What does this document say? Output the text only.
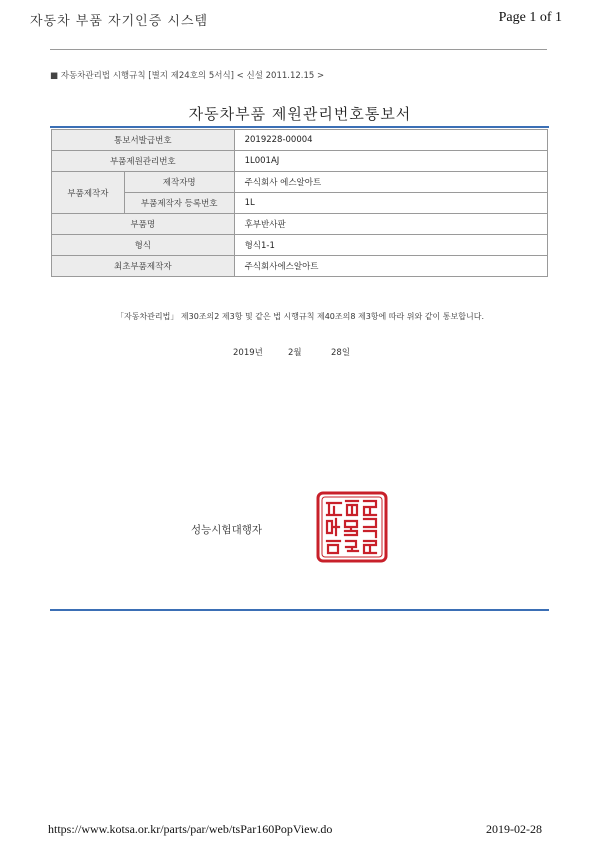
자동차 부품 자기인증 시스템	Page 1 of 1
■ 자동차관리법 시행규칙 [별지 제24호의 5서식] < 신설 2011.12.15 >
자동차부품 제원관리번호통보서
통보서발급번호		2019228-00004
부품제원관리번호		1L001AJ
부품제작자	제작자명	주식회사 에스알아트
	부품제작자 등록번호	1L
부품명		후부반사판
형식		형식1-1
최초부품제작자		주식회사에스알아트
「자동차관리법」 제30조의2 제3항 및 같은 법 시행규칙 제40조의8 제3항에 따라 위와 같이 통보합니다.
2019년	2월	28일
성능시험대행자
https://www.kotsa.or.kr/parts/par/web/tsPar160PopView.do	2019-02-28
